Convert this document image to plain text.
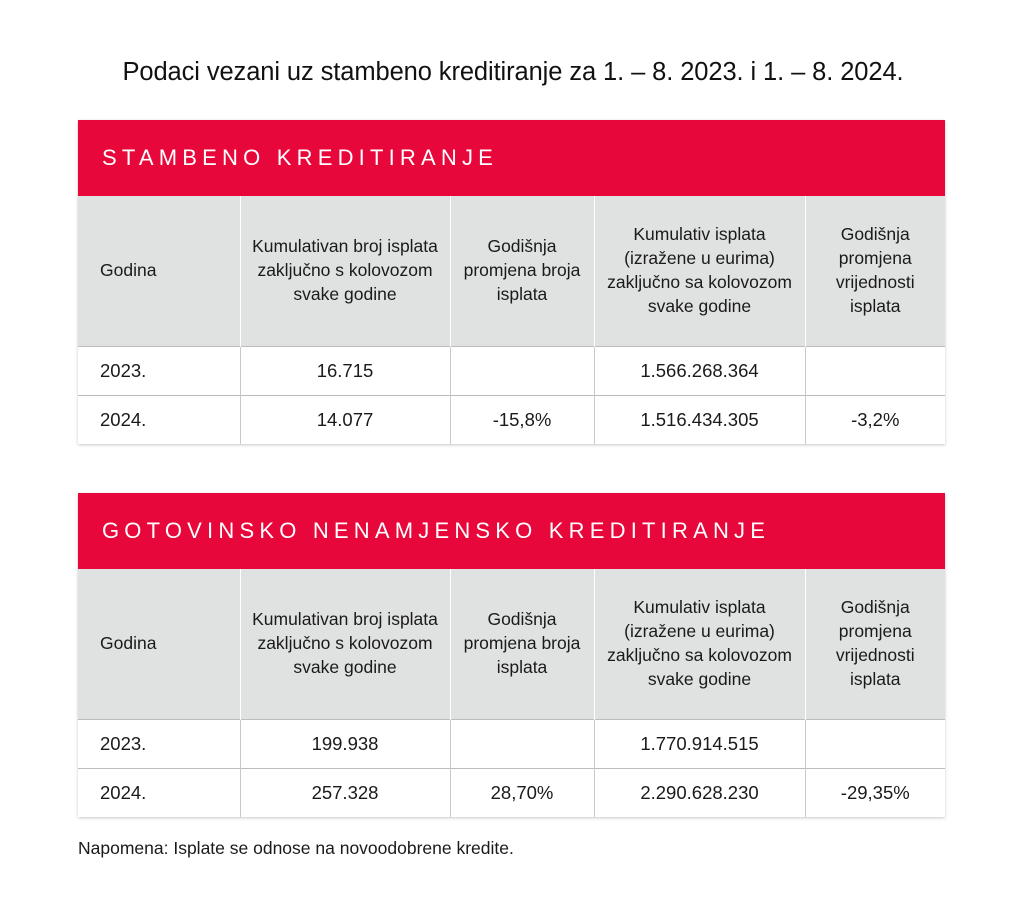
Podaci vezani uz stambeno kreditiranje za 1. – 8. 2023. i 1. – 8. 2024.
STAMBENO KREDITIRANJE
Godina	Kumulativan broj isplata zaključno s kolovozom svake godine	Godišnja promjena broja isplata	Kumulativ isplata (izražene u eurima) zaključno sa kolovozom svake godine	Godišnja promjena vrijednosti isplata
2023.	16.715		1.566.268.364	
2024.	14.077	-15,8%	1.516.434.305	-3,2%
GOTOVINSKO NENAMJENSKO KREDITIRANJE
Godina	Kumulativan broj isplata zaključno s kolovozom svake godine	Godišnja promjena broja isplata	Kumulativ isplata (izražene u eurima) zaključno sa kolovozom svake godine	Godišnja promjena vrijednosti isplata
2023.	199.938		1.770.914.515	
2024.	257.328	28,70%	2.290.628.230	-29,35%
Napomena: Isplate se odnose na novoodobrene kredite.
